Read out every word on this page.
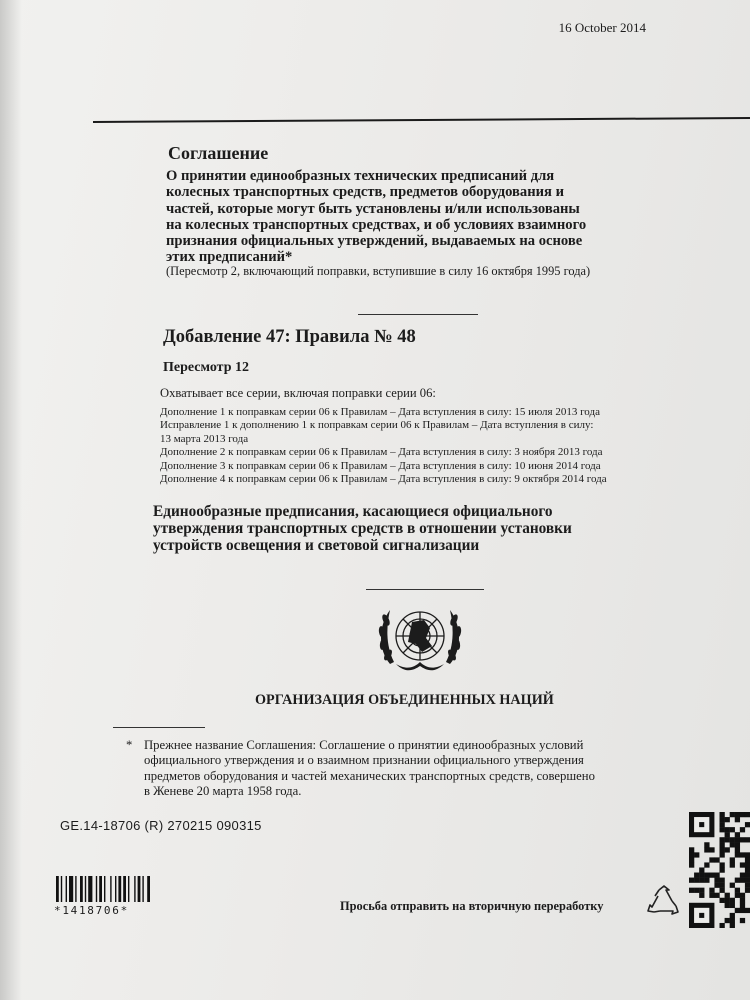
16 October 2014
Соглашение
О принятии единообразных технических предписаний для
колесных транспортных средств, предметов оборудования и
частей, которые могут быть установлены и/или использованы
на колесных транспортных средствах, и об условиях взаимного
признания официальных утверждений, выдаваемых на основе
этих предписаний*
(Пересмотр 2, включающий поправки, вступившие в силу 16 октября 1995 года)
Добавление 47: Правила № 48
Пересмотр 12
Охватывает все серии, включая поправки серии 06:
Дополнение 1 к поправкам серии 06 к Правилам – Дата вступления в силу: 15 июля 2013 года
Исправление 1 к дополнению 1 к поправкам серии 06 к Правилам – Дата вступления в силу:
13 марта 2013 года
Дополнение 2 к поправкам серии 06 к Правилам – Дата вступления в силу: 3 ноября 2013 года
Дополнение 3 к поправкам серии 06 к Правилам – Дата вступления в силу: 10 июня 2014 года
Дополнение 4 к поправкам серии 06 к Правилам – Дата вступления в силу: 9 октября 2014 года
Единообразные предписания, касающиеся официального
утверждения транспортных средств в отношении установки
устройств освещения и световой сигнализации
ОРГАНИЗАЦИЯ ОБЪЕДИНЕННЫХ НАЦИЙ
* Прежнее название Соглашения: Соглашение о принятии единообразных условий
официального утверждения и о взаимном признании официального утверждения
предметов оборудования и частей механических транспортных средств, совершено
в Женеве 20 марта 1958 года.
GE.14-18706 (R) 270215 090315
*1418706*	Просьба отправить на вторичную переработку
